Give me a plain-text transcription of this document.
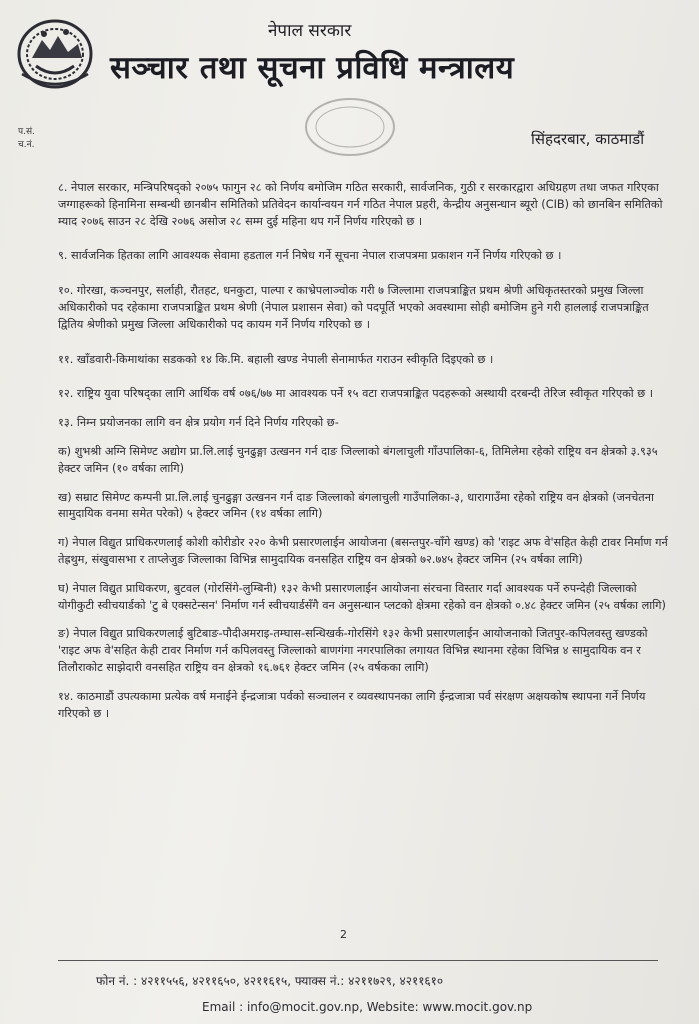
नेपाल सरकार
सञ्चार तथा सूचना प्रविधि मन्त्रालय
प.सं.
च.नं.	सिंहदरबार, काठमाडौं

८. नेपाल सरकार, मन्त्रिपरिषद्को २०७५ फागुन २८ को निर्णय बमोजिम गठित सरकारी, सार्वजनिक, गुठी र सरकारद्वारा अधिग्रहण तथा जफत गरिएका जग्गाहरूको हिनामिना सम्बन्धी छानबीन समितिको प्रतिवेदन कार्यान्वयन गर्न गठित नेपाल प्रहरी, केन्द्रीय अनुसन्धान ब्यूरो (CIB) को छानबिन समितिको म्याद २०७६ साउन २८ देखि २०७६ असोज २८ सम्म दुई महिना थप गर्ने निर्णय गरिएको छ ।

९. सार्वजनिक हितका लागि आवश्यक सेवामा हडताल गर्न निषेध गर्ने सूचना नेपाल राजपत्रमा प्रकाशन गर्ने निर्णय गरिएको छ ।

१०. गोरखा, कञ्चनपुर, सर्लाही, रौतहट, धनकुटा, पाल्पा र काभ्रेपलाञ्चोक गरी ७ जिल्लामा राजपत्राङ्कित प्रथम श्रेणी अधिकृतस्तरको प्रमुख जिल्ला अधिकारीको पद रहेकामा राजपत्राङ्कित प्रथम श्रेणी (नेपाल प्रशासन सेवा) को पदपूर्ति भएको अवस्थामा सोही बमोजिम हुने गरी हाललाई राजपत्राङ्कित द्वितिय श्रेणीको प्रमुख जिल्ला अधिकारीको पद कायम गर्ने निर्णय गरिएको छ ।

११. खाँडवारी-किमाथांका सडकको १४ कि.मि. बहाली खण्ड नेपाली सेनामार्फत गराउन स्वीकृति दिइएको छ ।

१२. राष्ट्रिय युवा परिषद्का लागि आर्थिक वर्ष ०७६/७७ मा आवश्यक पर्ने १५ वटा राजपत्राङ्कित पदहरूको अस्थायी दरबन्दी तेरिज स्वीकृत गरिएको छ ।

१३. निम्न प्रयोजनका लागि वन क्षेत्र प्रयोग गर्न दिने निर्णय गरिएको छ-

क) शुभश्री अग्नि सिमेण्ट अद्योग प्रा.लि.लाई चुनढुङ्गा उत्खनन गर्न दाङ जिल्लाको बंगलाचुली गाँउपालिका-६, तिमिलेमा रहेको राष्ट्रिय वन क्षेत्रको ३.९३५ हेक्टर जमिन (१० वर्षका लागि)

ख) सम्राट सिमेण्ट कम्पनी प्रा.लि.लाई चुनढुङ्गा उत्खनन गर्न दाङ जिल्लाको बंगलाचुली गाउँपालिका-३, धारागाउँमा रहेको राष्ट्रिय वन क्षेत्रको (जनचेतना सामुदायिक वनमा समेत परेको) ५ हेक्टर जमिन (१४ वर्षका लागि)

ग) नेपाल विद्युत प्राधिकरणलाई कोशी कोरीडोर २२० केभी प्रसारणलाईन आयोजना (बसन्तपुर-चाँगे खण्ड) को 'राइट अफ वे'सहित केही टावर निर्माण गर्न तेह्रथुम, संखुवासभा र ताप्लेजुङ जिल्लाका विभिन्न सामुदायिक वनसहित राष्ट्रिय वन क्षेत्रको ७२.७४५ हेक्टर जमिन (२५ वर्षका लागि)

घ) नेपाल विद्युत प्राधिकरण, बुटवल (गोरसिंगे-लुम्बिनी) १३२ केभी प्रसारणलाईन आयोजना संरचना विस्तार गर्दा आवश्यक पर्ने रुपन्देही जिल्लाको योगीकुटी स्वीचयार्डको 'टु बे एक्सटेन्सन' निर्माण गर्न स्वीचयार्डसँगै वन अनुसन्धान प्लटको क्षेत्रमा रहेको वन क्षेत्रको ०.४८ हेक्टर जमिन (२५ वर्षका लागि)

ङ) नेपाल विद्युत प्राधिकरणलाई बुटिबाङ-पौदीअमराइ-तम्घास-सन्धिखर्क-गोरसिंगे १३२ केभी प्रसारणलाईन आयोजनाको जितपुर-कपिलवस्तु खण्डको 'राइट अफ वे'सहित केही टावर निर्माण गर्न कपिलवस्तु जिल्लाको बाणगंगा नगरपालिका लगायत विभिन्न स्थानमा रहेका विभिन्न ४ सामुदायिक वन र तिलौराकोट साझेदारी वनसहित राष्ट्रिय वन क्षेत्रको १६.७६१ हेक्टर जमिन (२५ वर्षकका लागि)

१४. काठमाडौं उपत्यकामा प्रत्येक वर्ष मनाईने ईन्द्रजात्रा पर्वको सञ्चालन र व्यवस्थापनका लागि ईन्द्रजात्रा पर्व संरक्षण अक्षयकोष स्थापना गर्ने निर्णय गरिएको छ ।

2
फोन नं. : ४२११५५६, ४२११६५०, ४२११६१५, फ्याक्स नं.: ४२११७२९, ४२११६१०
Email : info@mocit.gov.np, Website: www.mocit.gov.np
